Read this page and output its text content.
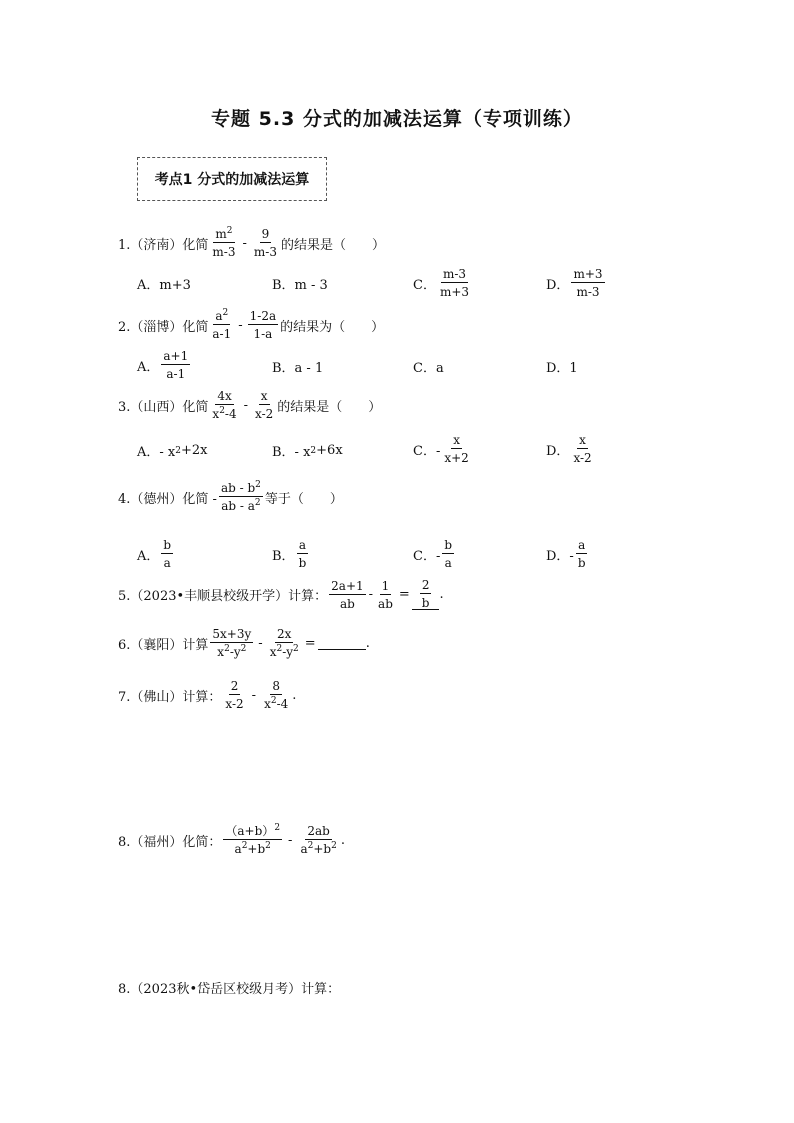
专题 5.3 分式的加减法运算（专项训练）
考点1 分式的加减法运算
1.（济南）化简 $\frac{m^2}{m-3} - \frac{9}{m-3}$ 的结果是（　　）
A．m+3	B．m - 3	C． $\frac{m-3}{m+3}$	D． $\frac{m+3}{m-3}$
2.（淄博）化简 $\frac{a^2}{a-1} - \frac{1-2a}{1-a}$ 的结果为（　　）
A． $\frac{a+1}{a-1}$	B．a - 1	C．a	D．1
3.（山西）化简 $\frac{4x}{x^2-4} - \frac{x}{x-2}$ 的结果是（　　）
A．- x 2 +2x	B．- x 2 +6x	C．- $\frac{x}{x+2}$	D． $\frac{x}{x-2}$
4.（德州）化简 - $\frac{ab - b^2}{ab - a^2}$ 等于（　　）
A． $\frac{b}{a}$	B． $\frac{a}{b}$	C．- $\frac{b}{a}$	D．- $\frac{a}{b}$
5.（2023•丰顺县校级开学）计算： $\frac{2a+1}{ab} - \frac{1}{ab} = \frac{2}{b}$ .
6.（襄阳）计算 $\frac{5x+3y}{x^2-y^2} - \frac{2x}{x^2-y^2}$ =	.
7.（佛山）计算： $\frac{2}{x-2} - \frac{8}{x^2-4}$ .
8.（福州）化简： $\frac{(a+b)^2}{a^2+b^2} - \frac{2ab}{a^2+b^2}$ .
8.（2023秋•岱岳区校级月考）计算：
